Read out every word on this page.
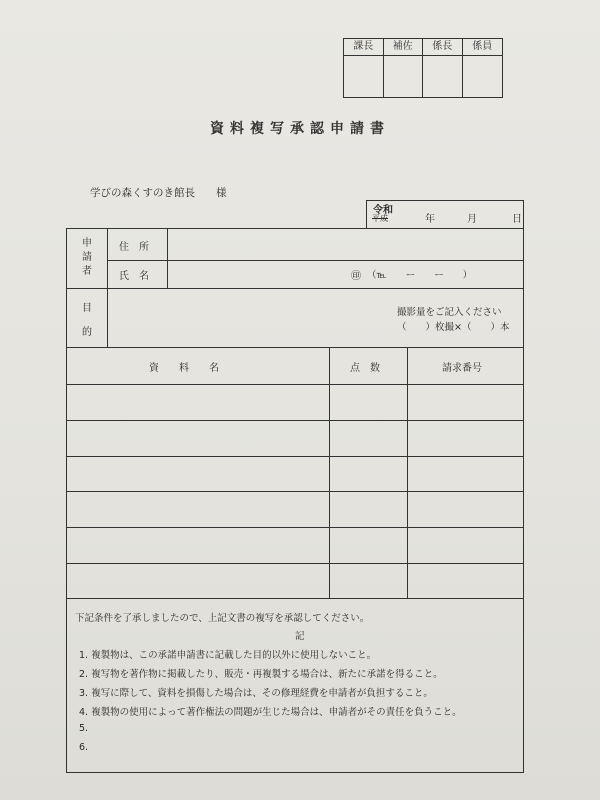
課長	補佐	係長	係員
資料複写承認申請書
学びの森くすのき館長　　様
令和
平成	年	月	日
申
請
者
住　所
氏　名	㊞ （℡　　ー　　ー　　）
目
的
撮影量をご記入ください
（　　）枚撮×（　　）本
資　　料　　名	点　数	請求番号
下記条件を了承しましたので、上記文書の複写を承認してください。
記
1. 複製物は、この承諾申請書に記載した目的以外に使用しないこと。
2. 複写物を著作物に掲載したり、販売・再複製する場合は、新たに承諾を得ること。
3. 複写に際して、資料を損傷した場合は、その修理経費を申請者が負担すること。
4. 複製物の使用によって著作権法の問題が生じた場合は、申請者がその責任を負うこと。
5.
6.
